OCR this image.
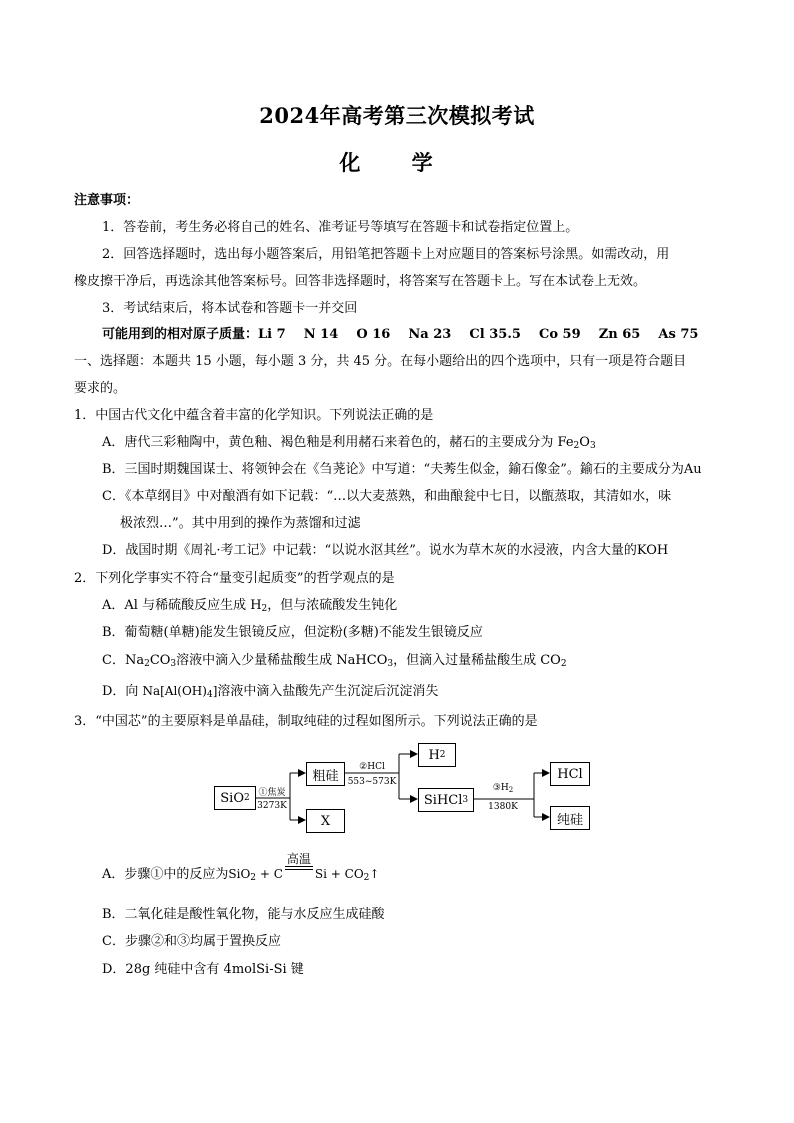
2024年高考第三次模拟考试
化 学
注意事项：
1．答卷前，考生务必将自己的姓名、准考证号等填写在答题卡和试卷指定位置上。
2．回答选择题时，选出每小题答案后，用铅笔把答题卡上对应题目的答案标号涂黑。如需改动，用
橡皮擦干净后，再选涂其他答案标号。回答非选择题时，将答案写在答题卡上。写在本试卷上无效。
3．考试结束后，将本试卷和答题卡一并交回
可能用到的相对原子质量：Li 7    N 14    O 16    Na 23    Cl 35.5    Co 59    Zn 65    As 75
一、选择题：本题共 15 小题，每小题 3 分，共 45 分。在每小题给出的四个选项中，只有一项是符合题目
要求的。
1．中国古代文化中蕴含着丰富的化学知识。下列说法正确的是
A．唐代三彩釉陶中，黄色釉、褐色釉是利用赭石来着色的，赭石的主要成分为 $Fe_2O_3$
B．三国时期魏国谋士、将领钟会在《刍荛论》中写道：“夫莠生似金，鍮石像金”。鍮石的主要成分为Au
C．《本草纲目》中对酿酒有如下记载：“…以大麦蒸熟，和曲酿瓮中七日，以甑蒸取，其清如水，味
极浓烈…”。其中用到的操作为蒸馏和过滤
D．战国时期《周礼·考工记》中记载：“以说水沤其丝”。说水为草木灰的水浸液，内含大量的KOH
2．下列化学事实不符合“量变引起质变”的哲学观点的是
A．Al 与稀硫酸反应生成 $H_2$，但与浓硫酸发生钝化
B．葡萄糖(单糖)能发生银镜反应，但淀粉(多糖)不能发生银镜反应
C．$Na_2CO_3$溶液中滴入少量稀盐酸生成 NaHCO$_3$，但滴入过量稀盐酸生成 $CO_2$
D．向 $Na[Al(OH)_4]$溶液中滴入盐酸先产生沉淀后沉淀消失
3．“中国芯”的主要原料是单晶硅，制取纯硅的过程如图所示。下列说法正确的是
SiO 2 ①焦炭
3273K
粗硅
X
②HCl
553~573K
H 2
SiHCl 3
$③H_2$
1380K
HCl
纯硅
A．步骤①中的反应为SiO$_2$ + C
高温
$Si + CO_2↑$
B．二氧化硅是酸性氧化物，能与水反应生成硅酸
C．步骤②和③均属于置换反应
D．28g 纯硅中含有 4molSi-Si 键
